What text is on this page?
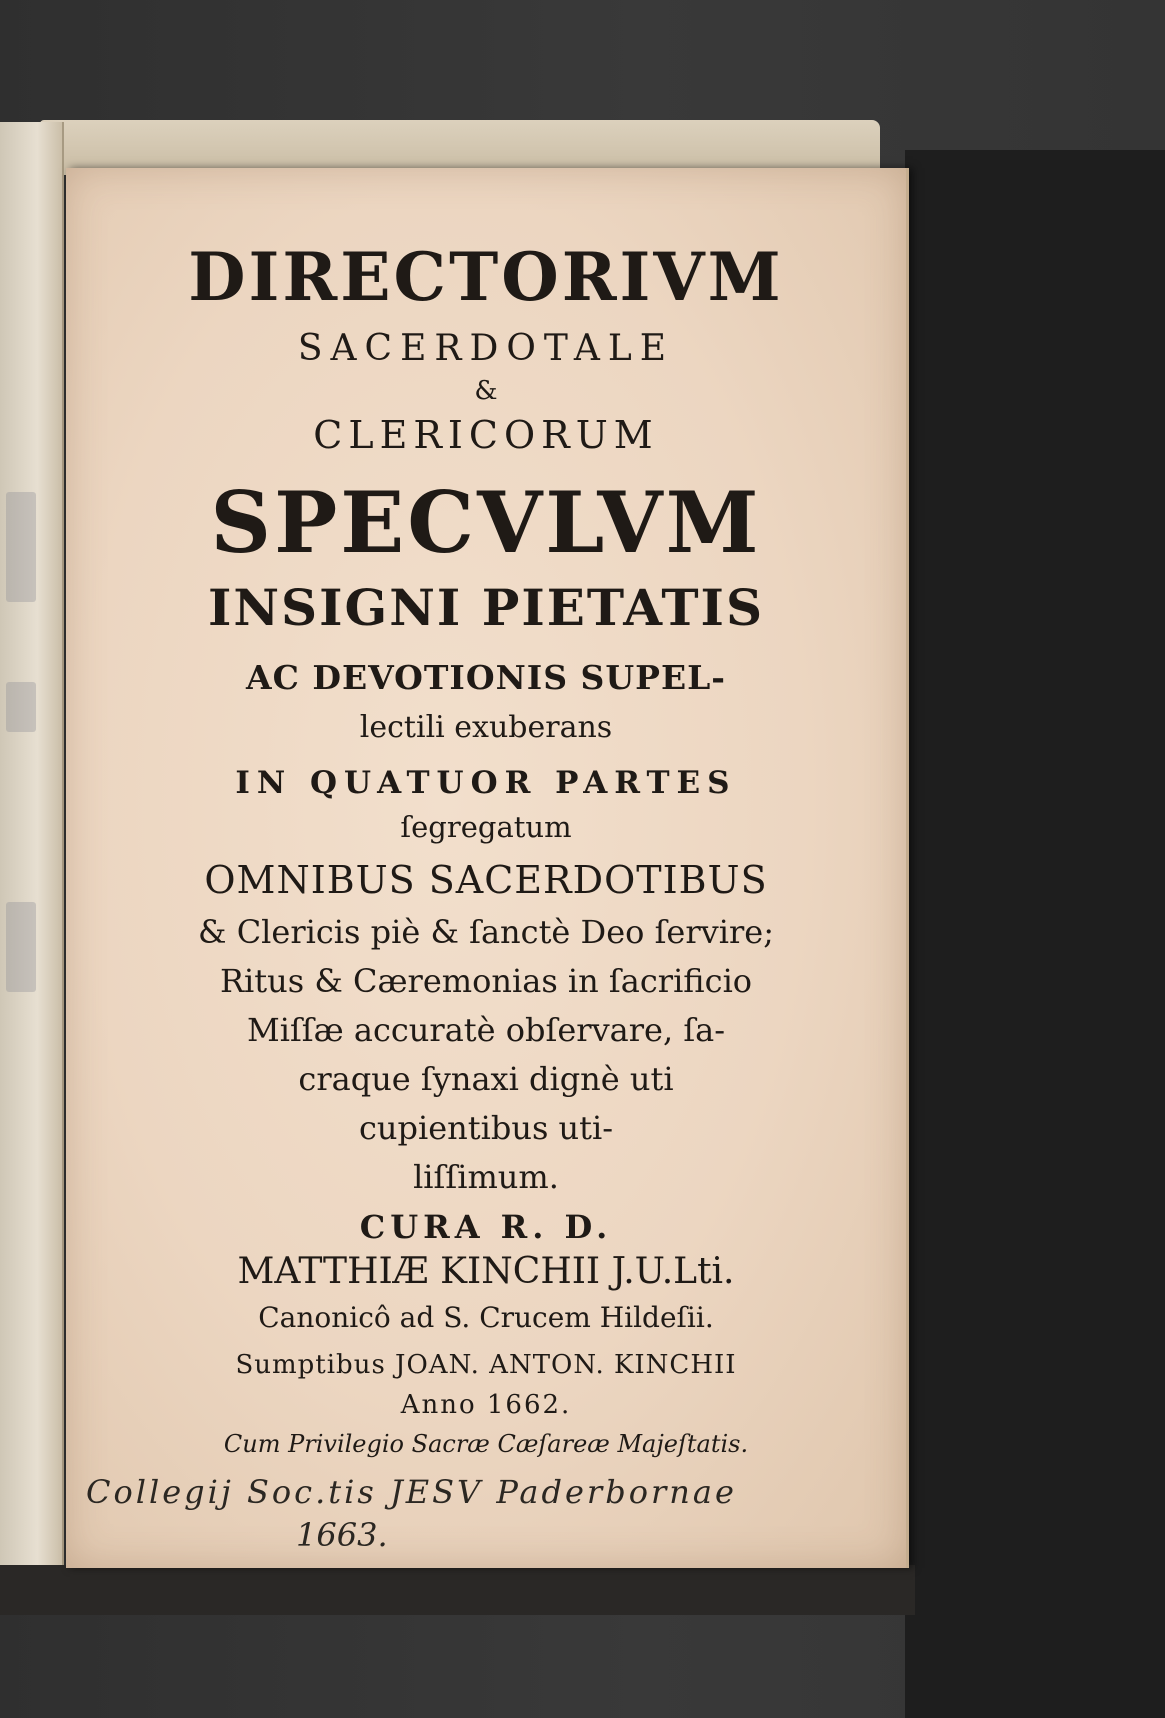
DIRECTORIVM
SACERDOTALE
&
CLERICORUM
SPECVLVM
INSIGNI PIETATIS
AC DEVOTIONIS SUPEL-
lectili exuberans
IN QUATUOR PARTES
ſegregatum
OMNIBUS SACERDOTIBUS
& Clericis piè & ſanctè Deo ſervire;
Ritus & Cæremonias in ſacrificio
Miſſæ accuratè obſervare, ſa-
craque ſynaxi dignè uti
cupientibus uti-
liſſimum.
CURA R. D.
MATTHIÆ KINCHII J.U.Lti.
Canonicô ad S. Crucem Hildeſii.
Sumptibus JOAN. ANTON. KINCHII
Anno 1662.
Cum Privilegio Sacræ Cæſareæ Majeſtatis.
Collegij Soc.tis JESV Paderbornae
1663.
